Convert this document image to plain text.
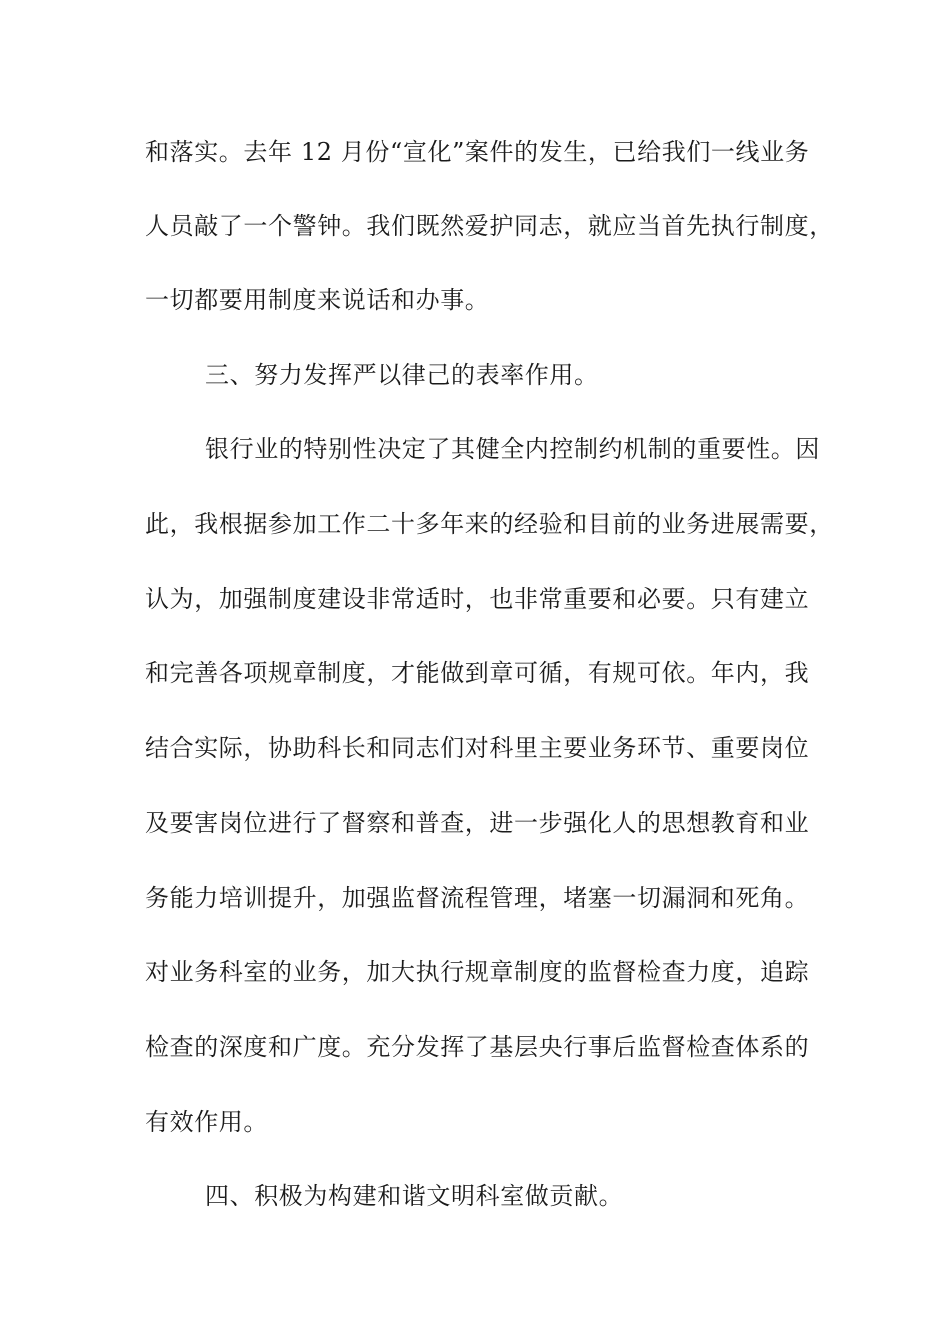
和落实。去年 12 月份“宣化”案件的发生，已给我们一线业务
人员敲了一个警钟。我们既然爱护同志，就应当首先执行制度，
一切都要用制度来说话和办事。
三、努力发挥严以律己的表率作用。
银行业的特别性决定了其健全内控制约机制的重要性。因
此，我根据参加工作二十多年来的经验和目前的业务进展需要，
认为，加强制度建设非常适时，也非常重要和必要。只有建立
和完善各项规章制度，才能做到章可循，有规可依。年内，我
结合实际，协助科长和同志们对科里主要业务环节、重要岗位
及要害岗位进行了督察和普查，进一步强化人的思想教育和业
务能力培训提升，加强监督流程管理，堵塞一切漏洞和死角。
对业务科室的业务，加大执行规章制度的监督检查力度，追踪
检查的深度和广度。充分发挥了基层央行事后监督检查体系的
有效作用。
四、积极为构建和谐文明科室做贡献。
